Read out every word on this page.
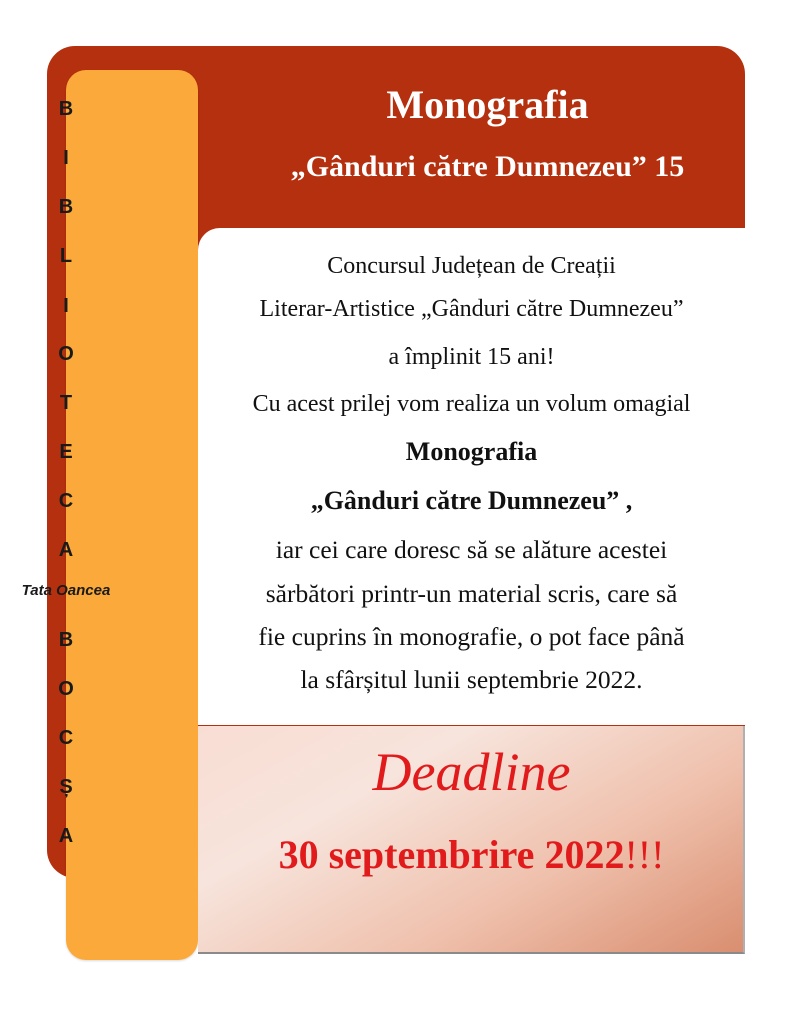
B
I
B
L
I
O
T
E
C
A
Tata Oancea
B
O
C
Ș
A
Monografia
„Gânduri către Dumnezeu” 15
Concursul Județean de Creații
Literar-Artistice „Gânduri către Dumnezeu”
a împlinit 15 ani!
Cu acest prilej vom realiza un volum omagial
Monografia
„Gânduri către Dumnezeu” ,
iar cei care doresc să se alăture acestei
sărbători printr-un material scris, care să
fie cuprins în monografie, o pot face până
la sfârșitul lunii septembrie 2022.
Deadline
30 septembrire 2022!!!
